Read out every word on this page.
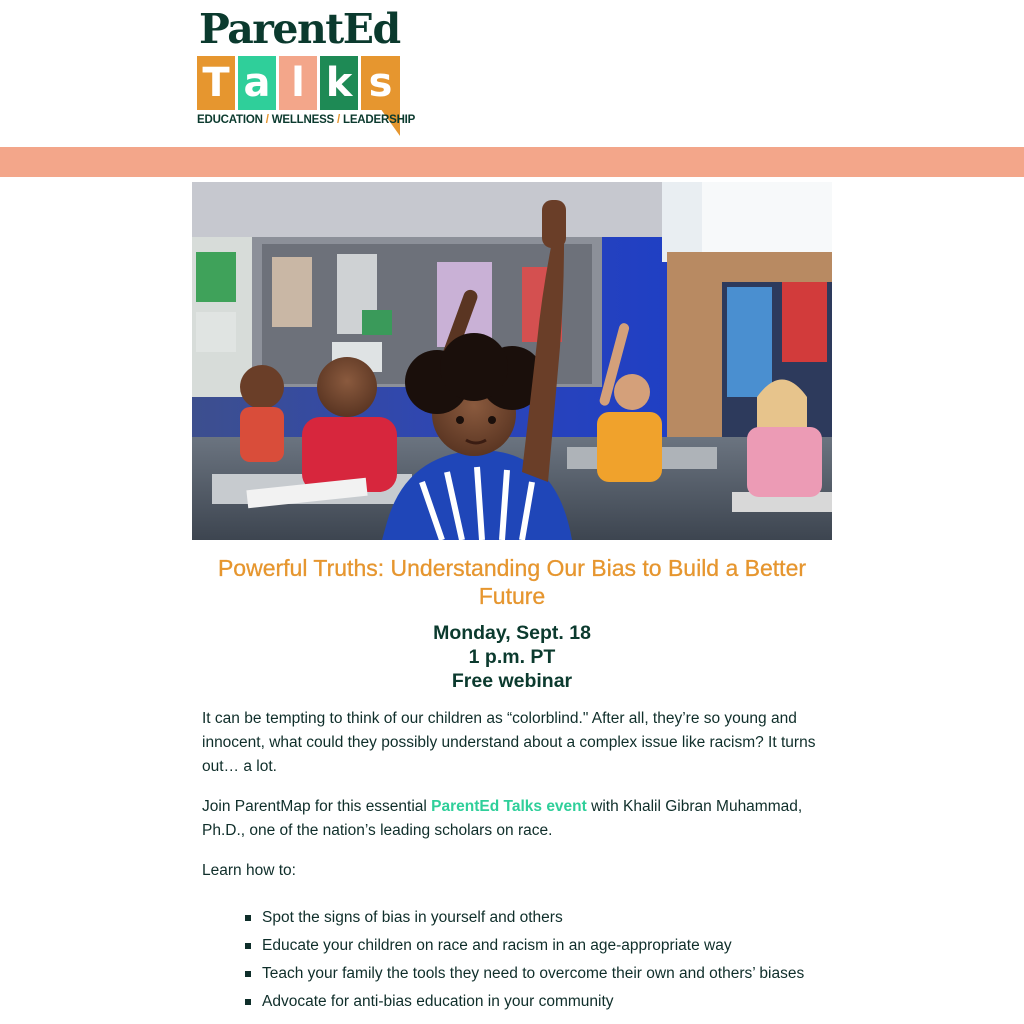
ParentEd
T a l k s
EDUCATION / WELLNESS / LEADERSHIP
Powerful Truths: Understanding Our Bias to Build a Better Future
Monday, Sept. 18
1 p.m. PT
Free webinar

It can be tempting to think of our children as “colorblind." After all, they’re so young and innocent, what could they possibly understand about a complex issue like racism? It turns out… a lot.

Join ParentMap for this essential ParentEd Talks event with Khalil Gibran Muhammad, Ph.D., one of the nation’s leading scholars on race.

Learn how to:

Spot the signs of bias in yourself and others
Educate your children on race and racism in an age-appropriate way
Teach your family the tools they need to overcome their own and others’ biases
Advocate for anti-bias education in your community
